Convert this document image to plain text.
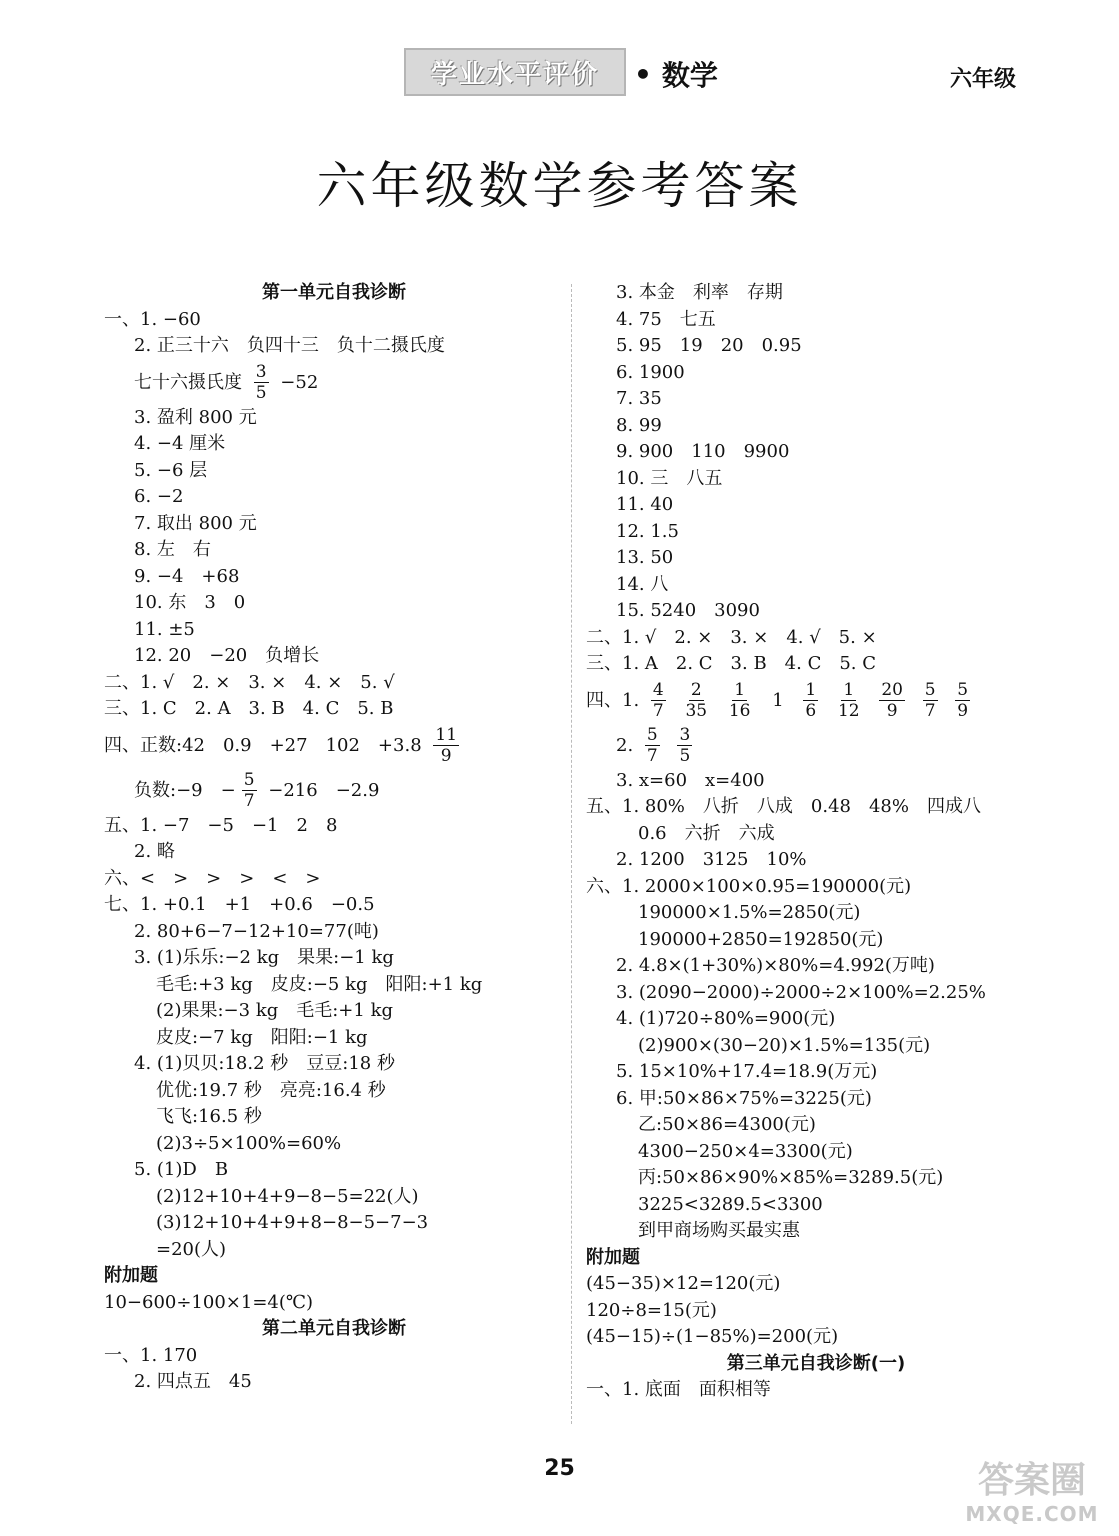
学业水平评价	• 数学	六年级
六年级数学参考答案
第一单元自我诊断
一、1. −60
2. 正三十六　负四十三　负十二摄氏度
七十六摄氏度 $\frac{3}{5} -52$
3. 盈利 800 元
4. −4 厘米
5. −6 层
6. −2
7. 取出 800 元
8. 左　右
9. −4　+68
10. 东　3　0
11. ±5
12. 20　−20　负增长
二、1. √　2. ×　3. ×　4. ×　5. √
三、1. C　2. A　3. B　4. C　5. B
四、正数:42　0.9　+27　102　$+3.8 \frac{11}{9}$
负数:−9　− $\frac{5}{7} -216$　−2.9
五、1. −7　−5　−1　2　8
2. 略
六、<　>　>　>　<　>
七、1. +0.1　+1　+0.6　−0.5
2. 80+6−7−12+10=77(吨)
3. (1)乐乐:−2 kg　果果:−1 kg
毛毛:+3 kg　皮皮:−5 kg　阳阳:+1 kg
(2)果果:−3 kg　毛毛:+1 kg
皮皮:−7 kg　阳阳:−1 kg
4. (1)贝贝:18.2 秒　豆豆:18 秒
优优:19.7 秒　亮亮:16.4 秒
飞飞:16.5 秒
(2)3÷5×100%=60%
5. (1)D　B
(2)12+10+4+9−8−5=22(人)
(3)12+10+4+9+8−8−5−7−3
=20(人)
附加题
10−600÷100×1=4(℃)
第二单元自我诊断
一、1. 170
2. 四点五　45
3. 本金　利率　存期
4. 75　七五
5. 95　19　20　0.95
6. 1900
7. 35
8. 99
9. 900　110　9900
10. 三　八五
11. 40
12. 1.5
13. 50
14. 八
15. 5240　3090
二、1. √　2. ×　3. ×　4. √　5. ×
三、1. A　2. C　3. B　4. C　5. C
四、1. $\frac{4}{7}$
$\frac{2}{35}$
$\frac{1}{16} 1 \frac{1}{6}$
$\frac{1}{12}$
$\frac{20}{9}$
$\frac{5}{7}$
$\frac{5}{9}$
2. $\frac{5}{7}$
$\frac{3}{5}$
3. x=60　x=400
五、1. 80%　八折　八成　0.48　48%　四成八
0.6　六折　六成
2. 1200　3125　10%
六、1. 2000×100×0.95=190000(元)
190000×1.5%=2850(元)
190000+2850=192850(元)
2. 4.8×(1+30%)×80%=4.992(万吨)
3. (2090−2000)÷2000÷2×100%=2.25%
4. (1)720÷80%=900(元)
(2)900×(30−20)×1.5%=135(元)
5. 15×10%+17.4=18.9(万元)
6. 甲:50×86×75%=3225(元)
乙:50×86=4300(元)
4300−250×4=3300(元)
丙:50×86×90%×85%=3289.5(元)
3225<3289.5<3300
到甲商场购买最实惠
附加题
(45−35)×12=120(元)
120÷8=15(元)
(45−15)÷(1−85%)=200(元)
第三单元自我诊断(一)
一、1. 底面　面积相等
25	答案圈
MXQE.COM
